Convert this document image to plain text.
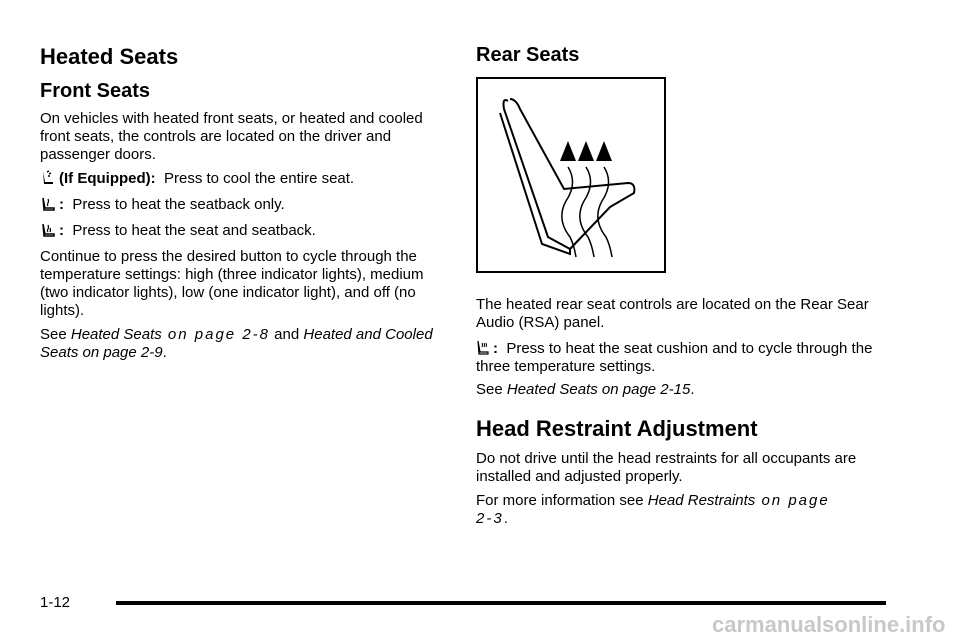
Heated Seats
Front Seats

On vehicles with heated front seats, or heated and cooled front seats, the controls are located on the driver and passenger doors.

(If Equipped): Press to cool the entire seat.

: Press to heat the seatback only.

: Press to heat the seat and seatback.

Continue to press the desired button to cycle through the temperature settings: high (three indicator lights), medium (two indicator lights), low (one indicator light), and off (no lights).

See Heated Seats on page 2-8 and Heated and Cooled Seats on page 2-9.

Rear Seats

The heated rear seat controls are located on the Rear Sear Audio (RSA) panel.

: Press to heat the seat cushion and to cycle through the three temperature settings.

See Heated Seats on page 2-15.

Head Restraint Adjustment

Do not drive until the head restraints for all occupants are installed and adjusted properly.

For more information see Head Restraints on page 2-3.

1-12
carmanualsonline.info
